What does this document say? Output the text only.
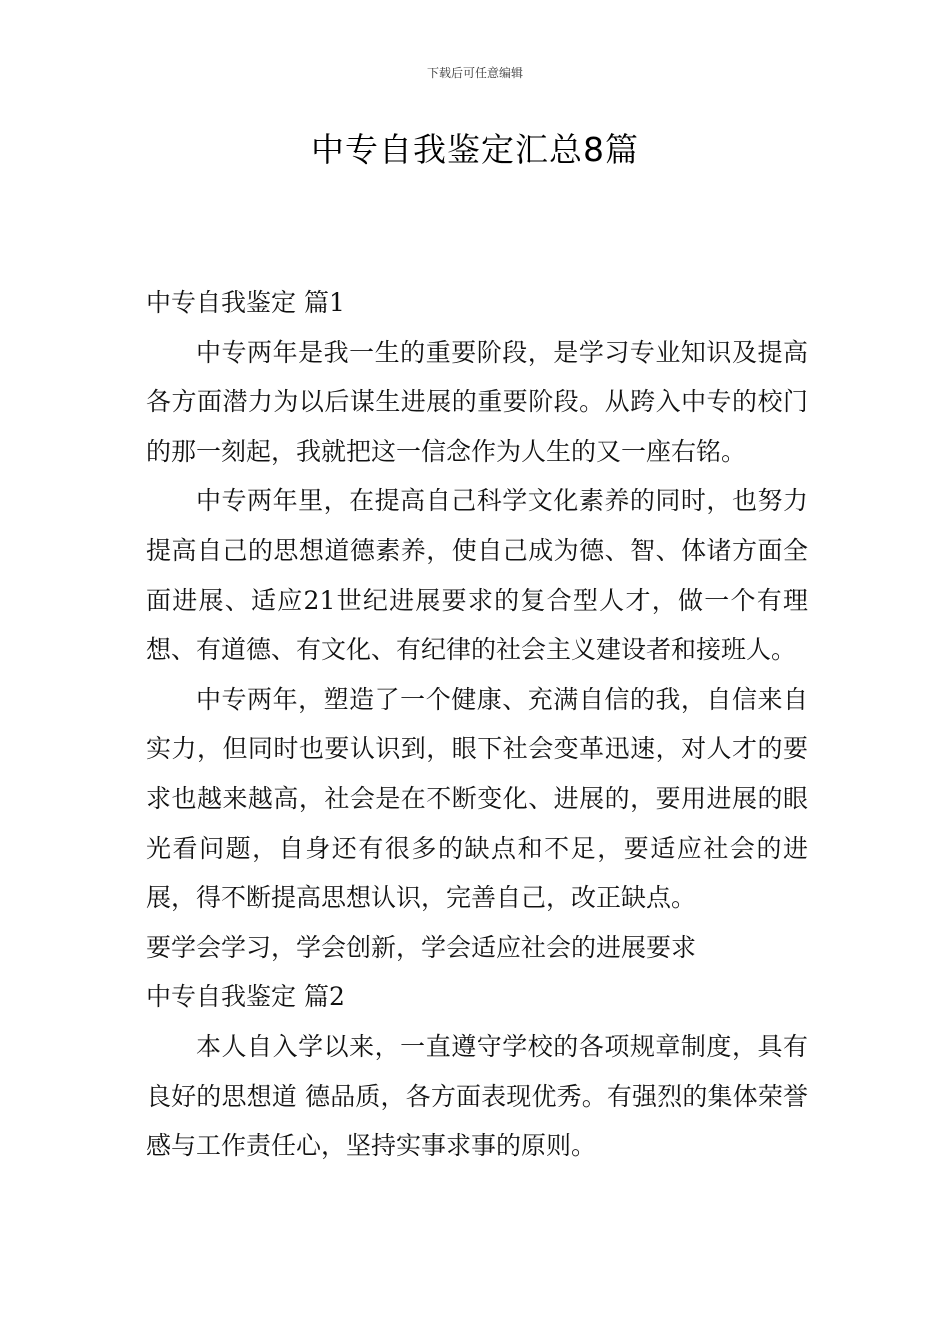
下载后可任意编辑
中专自我鉴定汇总8篇
中专自我鉴定 篇1

中专两年是我一生的重要阶段，是学习专业知识及提高各方面潜力为以后谋生进展的重要阶段。从跨入中专的校门的那一刻起，我就把这一信念作为人生的又一座右铭。

中专两年里，在提高自己科学文化素养的同时，也努力提高自己的思想道德素养，使自己成为德、智、体诸方面全面进展、适应21世纪进展要求的复合型人才，做一个有理想、有道德、有文化、有纪律的社会主义建设者和接班人。

中专两年，塑造了一个健康、充满自信的我，自信来自实力，但同时也要认识到，眼下社会变革迅速，对人才的要求也越来越高，社会是在不断变化、进展的，要用进展的眼光看问题，自身还有很多的缺点和不足，要适应社会的进展，得不断提高思想认识，完善自己，改正缺点。

要学会学习，学会创新，学会适应社会的进展要求

中专自我鉴定 篇2

本人自入学以来，一直遵守学校的各项规章制度，具有良好的思想道 德品质，各方面表现优秀。有强烈的集体荣誉感与工作责任心，坚持实事求事的原则。
